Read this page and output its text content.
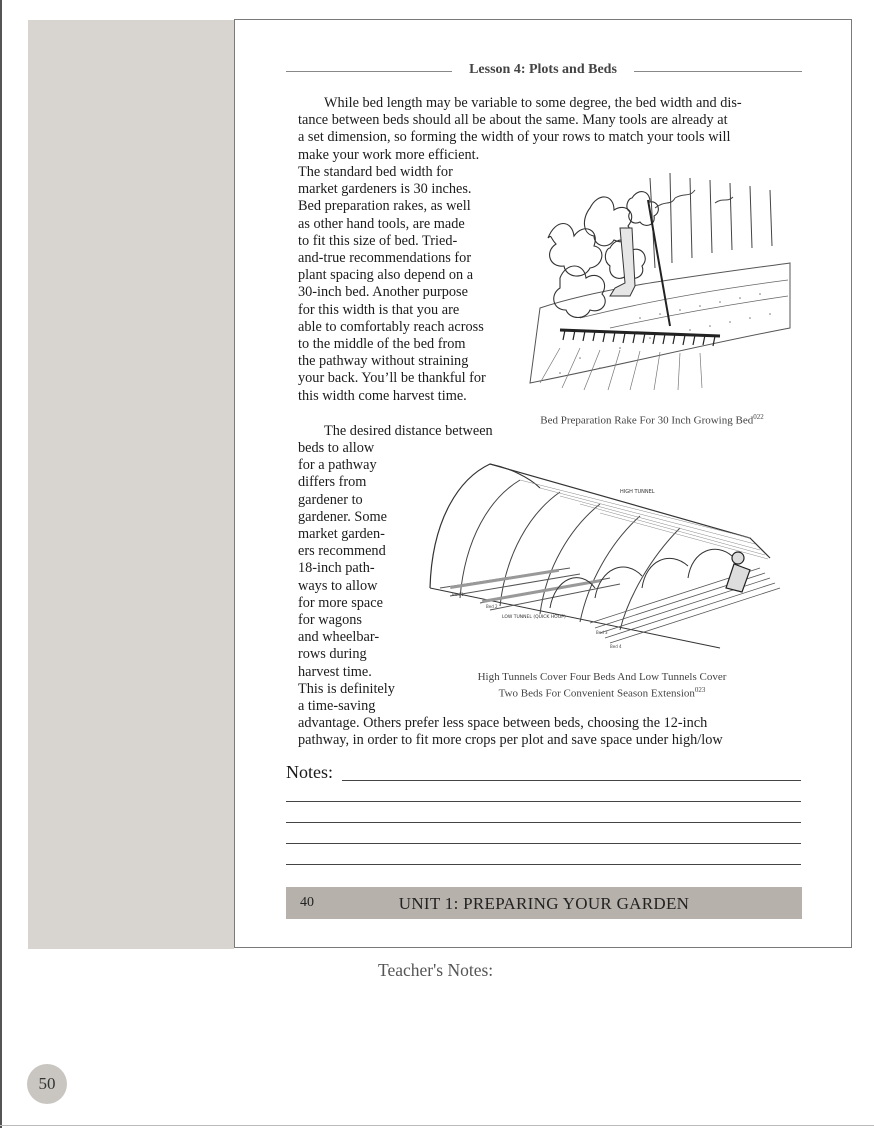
Lesson 4: Plots and Beds
While bed length may be variable to some degree, the bed width and dis-
tance between beds should all be about the same. Many tools are already at
a set dimension, so forming the width of your rows to match your tools will
make your work more efficient.
The standard bed width for
market gardeners is 30 inches.
Bed preparation rakes, as well
as other hand tools, are made
to fit this size of bed. Tried-
and-true recommendations for
plant spacing also depend on a
30-inch bed. Another purpose
for this width is that you are
able to comfortably reach across
to the middle of the bed from
the pathway without straining
your back. You’ll be thankful for
this width come harvest time.
Bed Preparation Rake For 30 Inch Growing Bed$^{022}$
The desired distance between
beds to allow
for a pathway
differs from
gardener to
gardener. Some
market garden-
ers recommend
18-inch path-
ways to allow
for more space
for wagons
and wheelbar-
rows during
harvest time.
This is definitely
a time-saving
advantage. Others prefer less space between beds, choosing the 12-inch
pathway, in order to fit more crops per plot and save space under high/low
HIGH TUNNEL
LOW TUNNEL (QUICK HOOP)
Bed 1
Bed 2
Bed 3
Bed 4
High Tunnels Cover Four Beds And Low Tunnels Cover
Two Beds For Convenient Season Extension$^{023}$
Notes:
40	UNIT 1: PREPARING YOUR GARDEN
Teacher's Notes:
50
